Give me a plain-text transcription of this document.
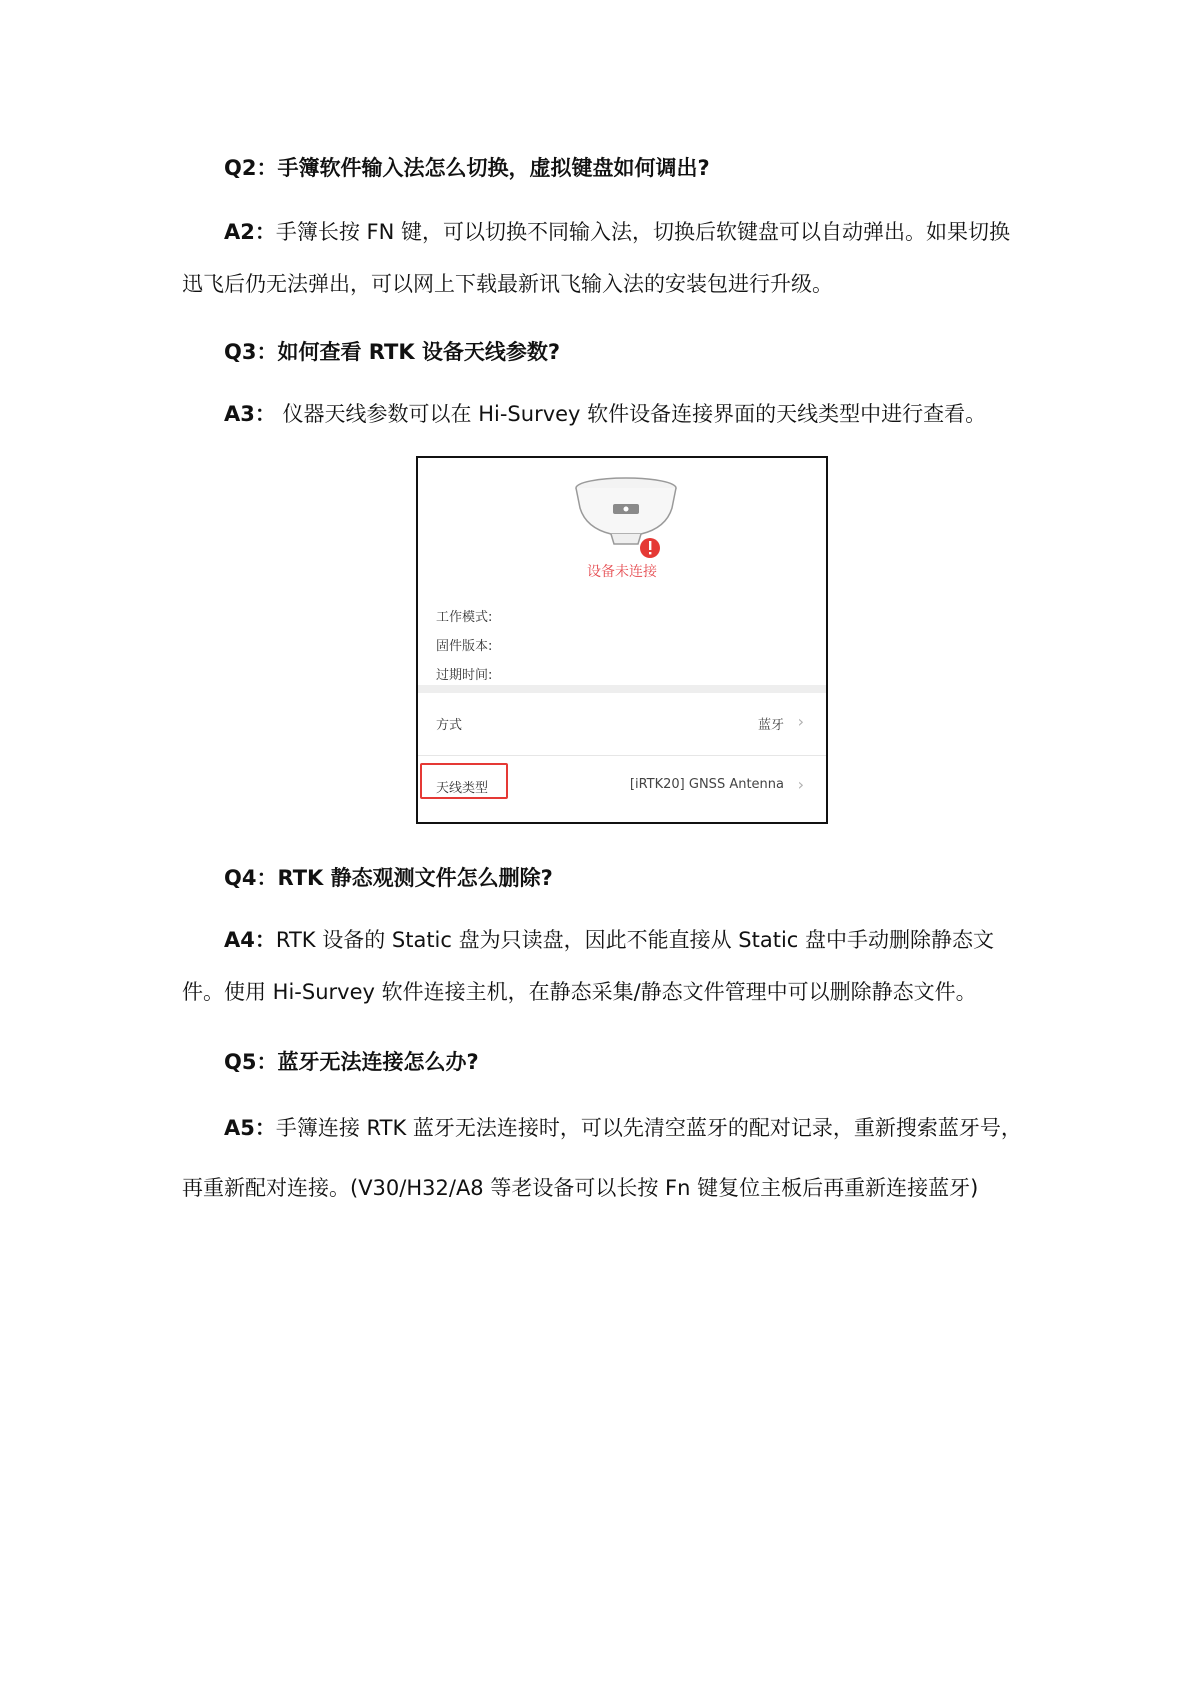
Q2：手簿软件输入法怎么切换，虚拟键盘如何调出?
A2：手簿长按 FN 键，可以切换不同输入法，切换后软键盘可以自动弹出。如果切换迅飞后仍无法弹出，可以网上下载最新讯飞输入法的安装包进行升级。
Q3：如何查看 RTK 设备天线参数?
A3： 仪器天线参数可以在 Hi-Survey 软件设备连接界面的天线类型中进行查看。
设备未连接
工作模式:
固件版本:
过期时间:
方式	蓝牙 ›
天线类型	[iRTK20] GNSS Antenna ›
Q4：RTK 静态观测文件怎么删除?
A4：RTK 设备的 Static 盘为只读盘，因此不能直接从 Static 盘中手动删除静态文件。使用 Hi-Survey 软件连接主机，在静态采集/静态文件管理中可以删除静态文件。
Q5：蓝牙无法连接怎么办?
A5：手簿连接 RTK 蓝牙无法连接时，可以先清空蓝牙的配对记录，重新搜索蓝牙号，再重新配对连接。(V30/H32/A8 等老设备可以长按 Fn 键复位主板后再重新连接蓝牙)
